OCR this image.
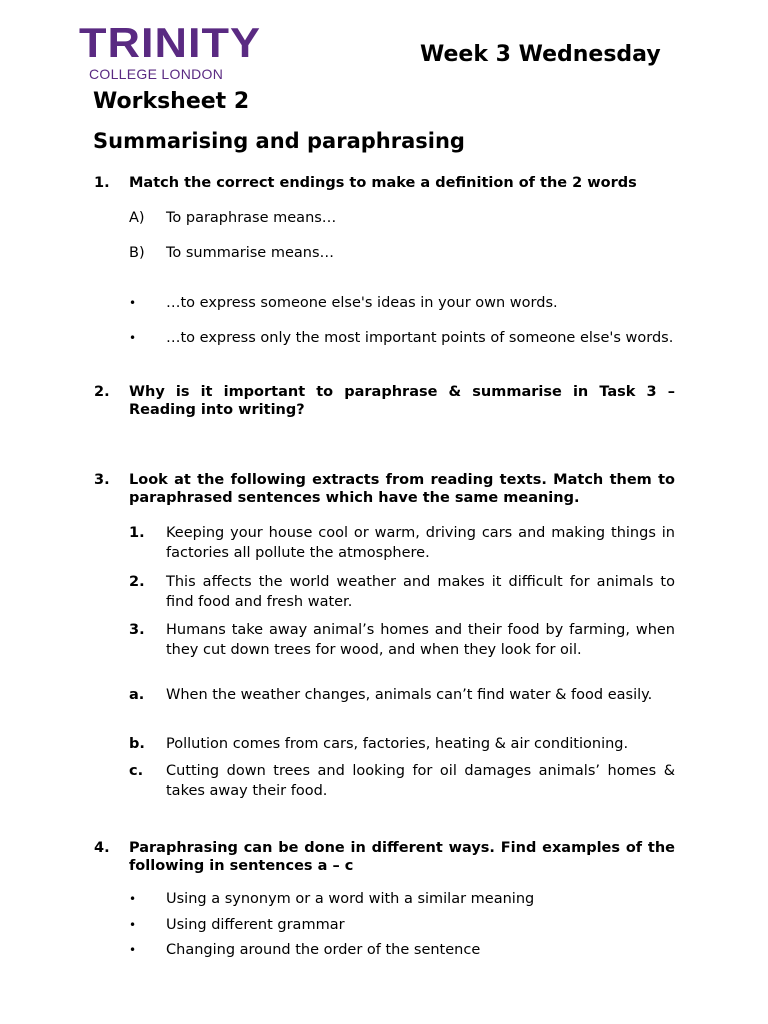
TRINITY
COLLEGE LONDON
Week 3 Wednesday
Worksheet 2
Summarising and paraphrasing
1. Match the correct endings to make a definition of the 2 words
A) To paraphrase means…
B) To summarise means…
• …to express someone else's ideas in your own words.
• …to express only the most important points of someone else's words.
2. Why is it important to paraphrase & summarise in Task 3 – Reading into writing?
3. Look at the following extracts from reading texts. Match them to paraphrased sentences which have the same meaning.
1. Keeping your house cool or warm, driving cars and making things in factories all pollute the atmosphere.
2. This affects the world weather and makes it difficult for animals to find food and fresh water.
3. Humans take away animal’s homes and their food by farming, when they cut down trees for wood, and when they look for oil.
a. When the weather changes, animals can’t find water & food easily.
b. Pollution comes from cars, factories, heating & air conditioning.
c. Cutting down trees and looking for oil damages animals’ homes & takes away their food.
4. Paraphrasing can be done in different ways. Find examples of the following in sentences a – c
• Using a synonym or a word with a similar meaning
• Using different grammar
• Changing around the order of the sentence
